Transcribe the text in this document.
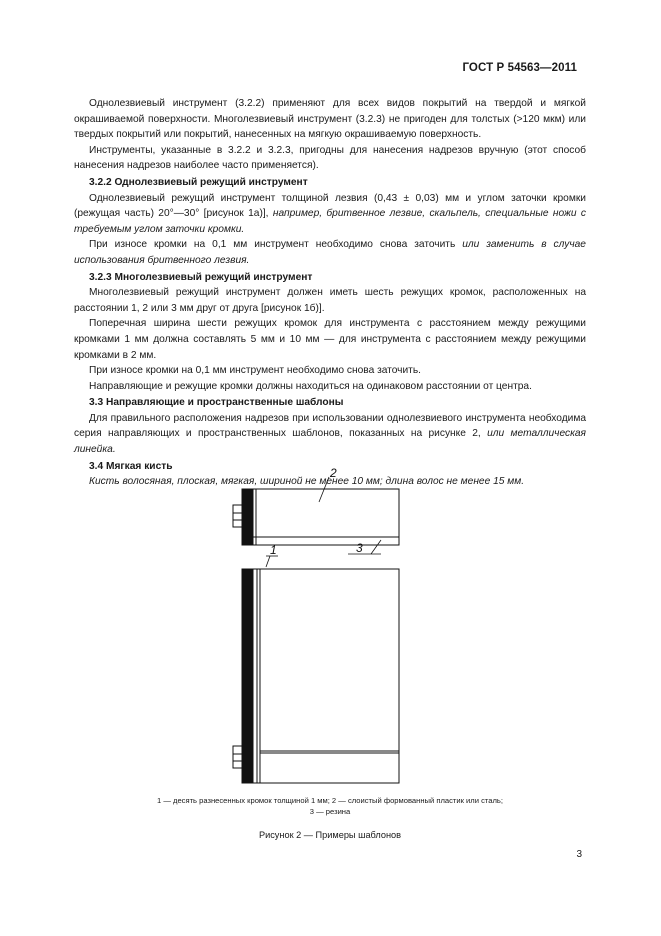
ГОСТ Р 54563—2011

Однолезвиевый инструмент (3.2.2) применяют для всех видов покрытий на твердой и мягкой окрашиваемой поверхности. Многолезвиевый инструмент (3.2.3) не пригоден для толстых (>120 мкм) или твердых покрытий или покрытий, нанесенных на мягкую окрашиваемую поверхность.

Инструменты, указанные в 3.2.2 и 3.2.3, пригодны для нанесения надрезов вручную (этот способ нанесения надрезов наиболее часто применяется).

3.2.2 Однолезвиевый режущий инструмент

Однолезвиевый режущий инструмент толщиной лезвия (0,43 ± 0,03) мм и углом заточки кромки (режущая часть) 20°—30° [рисунок 1а)], например, бритвенное лезвие, скальпель, специальные ножи с требуемым углом заточки кромки.

При износе кромки на 0,1 мм инструмент необходимо снова заточить или заменить в случае использования бритвенного лезвия.

3.2.3 Многолезвиевый режущий инструмент

Многолезвиевый режущий инструмент должен иметь шесть режущих кромок, расположенных на расстоянии 1, 2 или 3 мм друг от друга [рисунок 1б)].

Поперечная ширина шести режущих кромок для инструмента с расстоянием между режущими кромками 1 мм должна составлять 5 мм и 10 мм — для инструмента с расстоянием между режущими кромками в 2 мм.

При износе кромки на 0,1 мм инструмент необходимо снова заточить.

Направляющие и режущие кромки должны находиться на одинаковом расстоянии от центра.

3.3 Направляющие и пространственные шаблоны

Для правильного расположения надрезов при использовании однолезвиевого инструмента необходима серия направляющих и пространственных шаблонов, показанных на рисунке 2, или металлическая линейка.

3.4 Мягкая кисть

Кисть волосяная, плоская, мягкая, шириной не менее 10 мм; длина волос не менее 15 мм.

2
3
1
1 — десять разнесенных кромок толщиной 1 мм; 2 — слоистый формованный пластик или сталь;
3 — резина
Рисунок 2 — Примеры шаблонов
3
